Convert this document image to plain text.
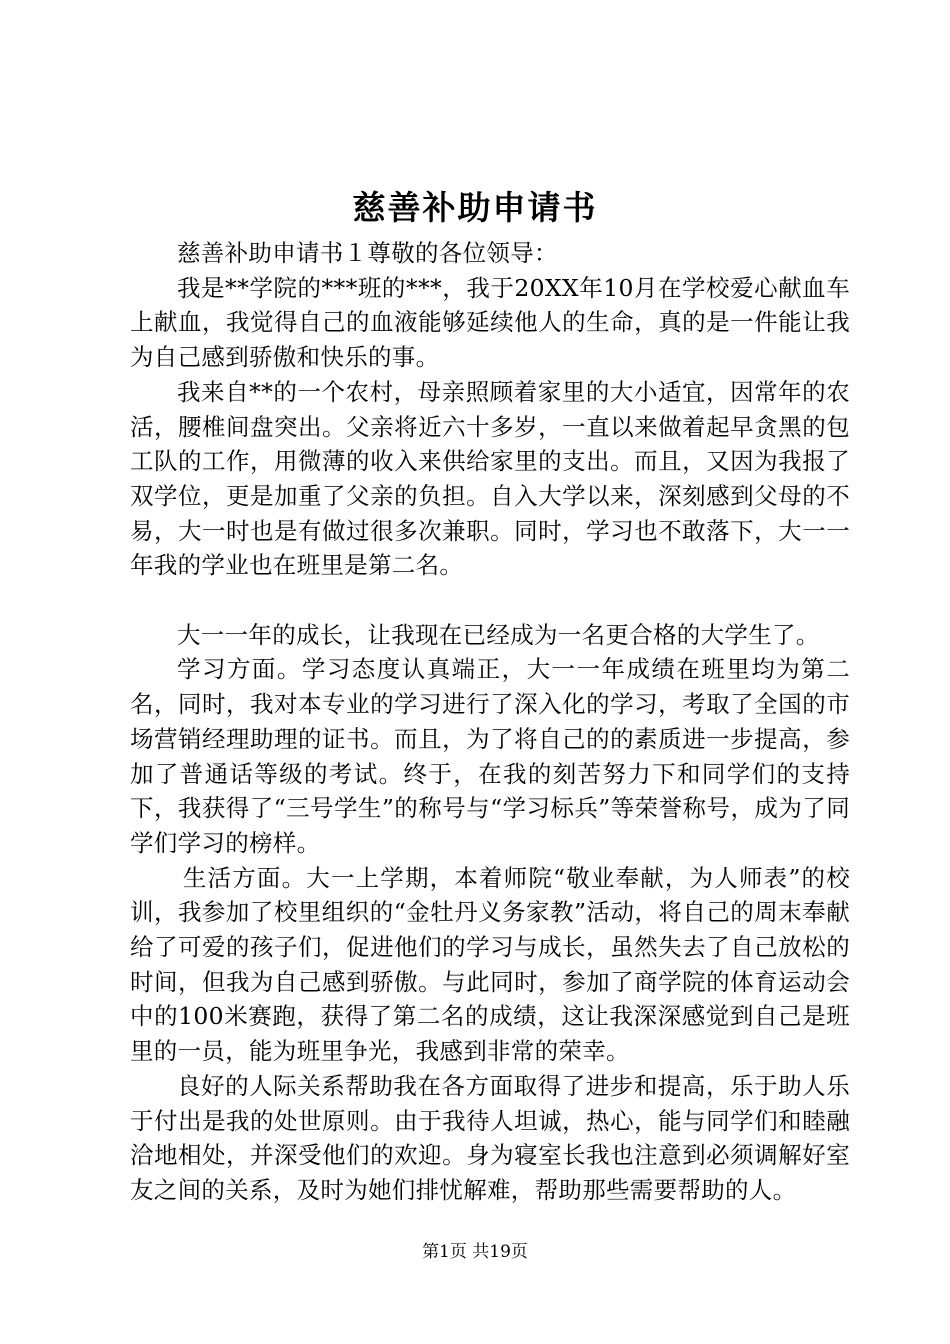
慈善补助申请书

慈善补助申请书１尊敬的各位领导：

我是**学院的***班的***，我于20XX年10月在学校爱心献血车上献血，我觉得自己的血液能够延续他人的生命，真的是一件能让我为自己感到骄傲和快乐的事。

我来自**的一个农村，母亲照顾着家里的大小适宜，因常年的农活，腰椎间盘突出。父亲将近六十多岁，一直以来做着起早贪黑的包工队的工作，用微薄的收入来供给家里的支出。而且，又因为我报了双学位，更是加重了父亲的负担。自入大学以来，深刻感到父母的不易，大一时也是有做过很多次兼职。同时，学习也不敢落下，大一一年我的学业也在班里是第二名。

大一一年的成长，让我现在已经成为一名更合格的大学生了。

学习方面。学习态度认真端正，大一一年成绩在班里均为第二名，同时，我对本专业的学习进行了深入化的学习，考取了全国的市场营销经理助理的证书。而且，为了将自己的的素质进一步提高，参加了普通话等级的考试。终于，在我的刻苦努力下和同学们的支持下，我获得了“三号学生”的称号与“学习标兵”等荣誉称号，成为了同学们学习的榜样。

生活方面。大一上学期，本着师院“敬业奉献，为人师表”的校训，我参加了校里组织的“金牡丹义务家教”活动，将自己的周末奉献给了可爱的孩子们，促进他们的学习与成长，虽然失去了自己放松的时间，但我为自己感到骄傲。与此同时，参加了商学院的体育运动会中的100米赛跑，获得了第二名的成绩，这让我深深感觉到自己是班里的一员，能为班里争光，我感到非常的荣幸。

良好的人际关系帮助我在各方面取得了进步和提高，乐于助人乐于付出是我的处世原则。由于我待人坦诚，热心，能与同学们和睦融洽地相处，并深受他们的欢迎。身为寝室长我也注意到必须调解好室友之间的关系，及时为她们排忧解难，帮助那些需要帮助的人。

第1页 共19页
